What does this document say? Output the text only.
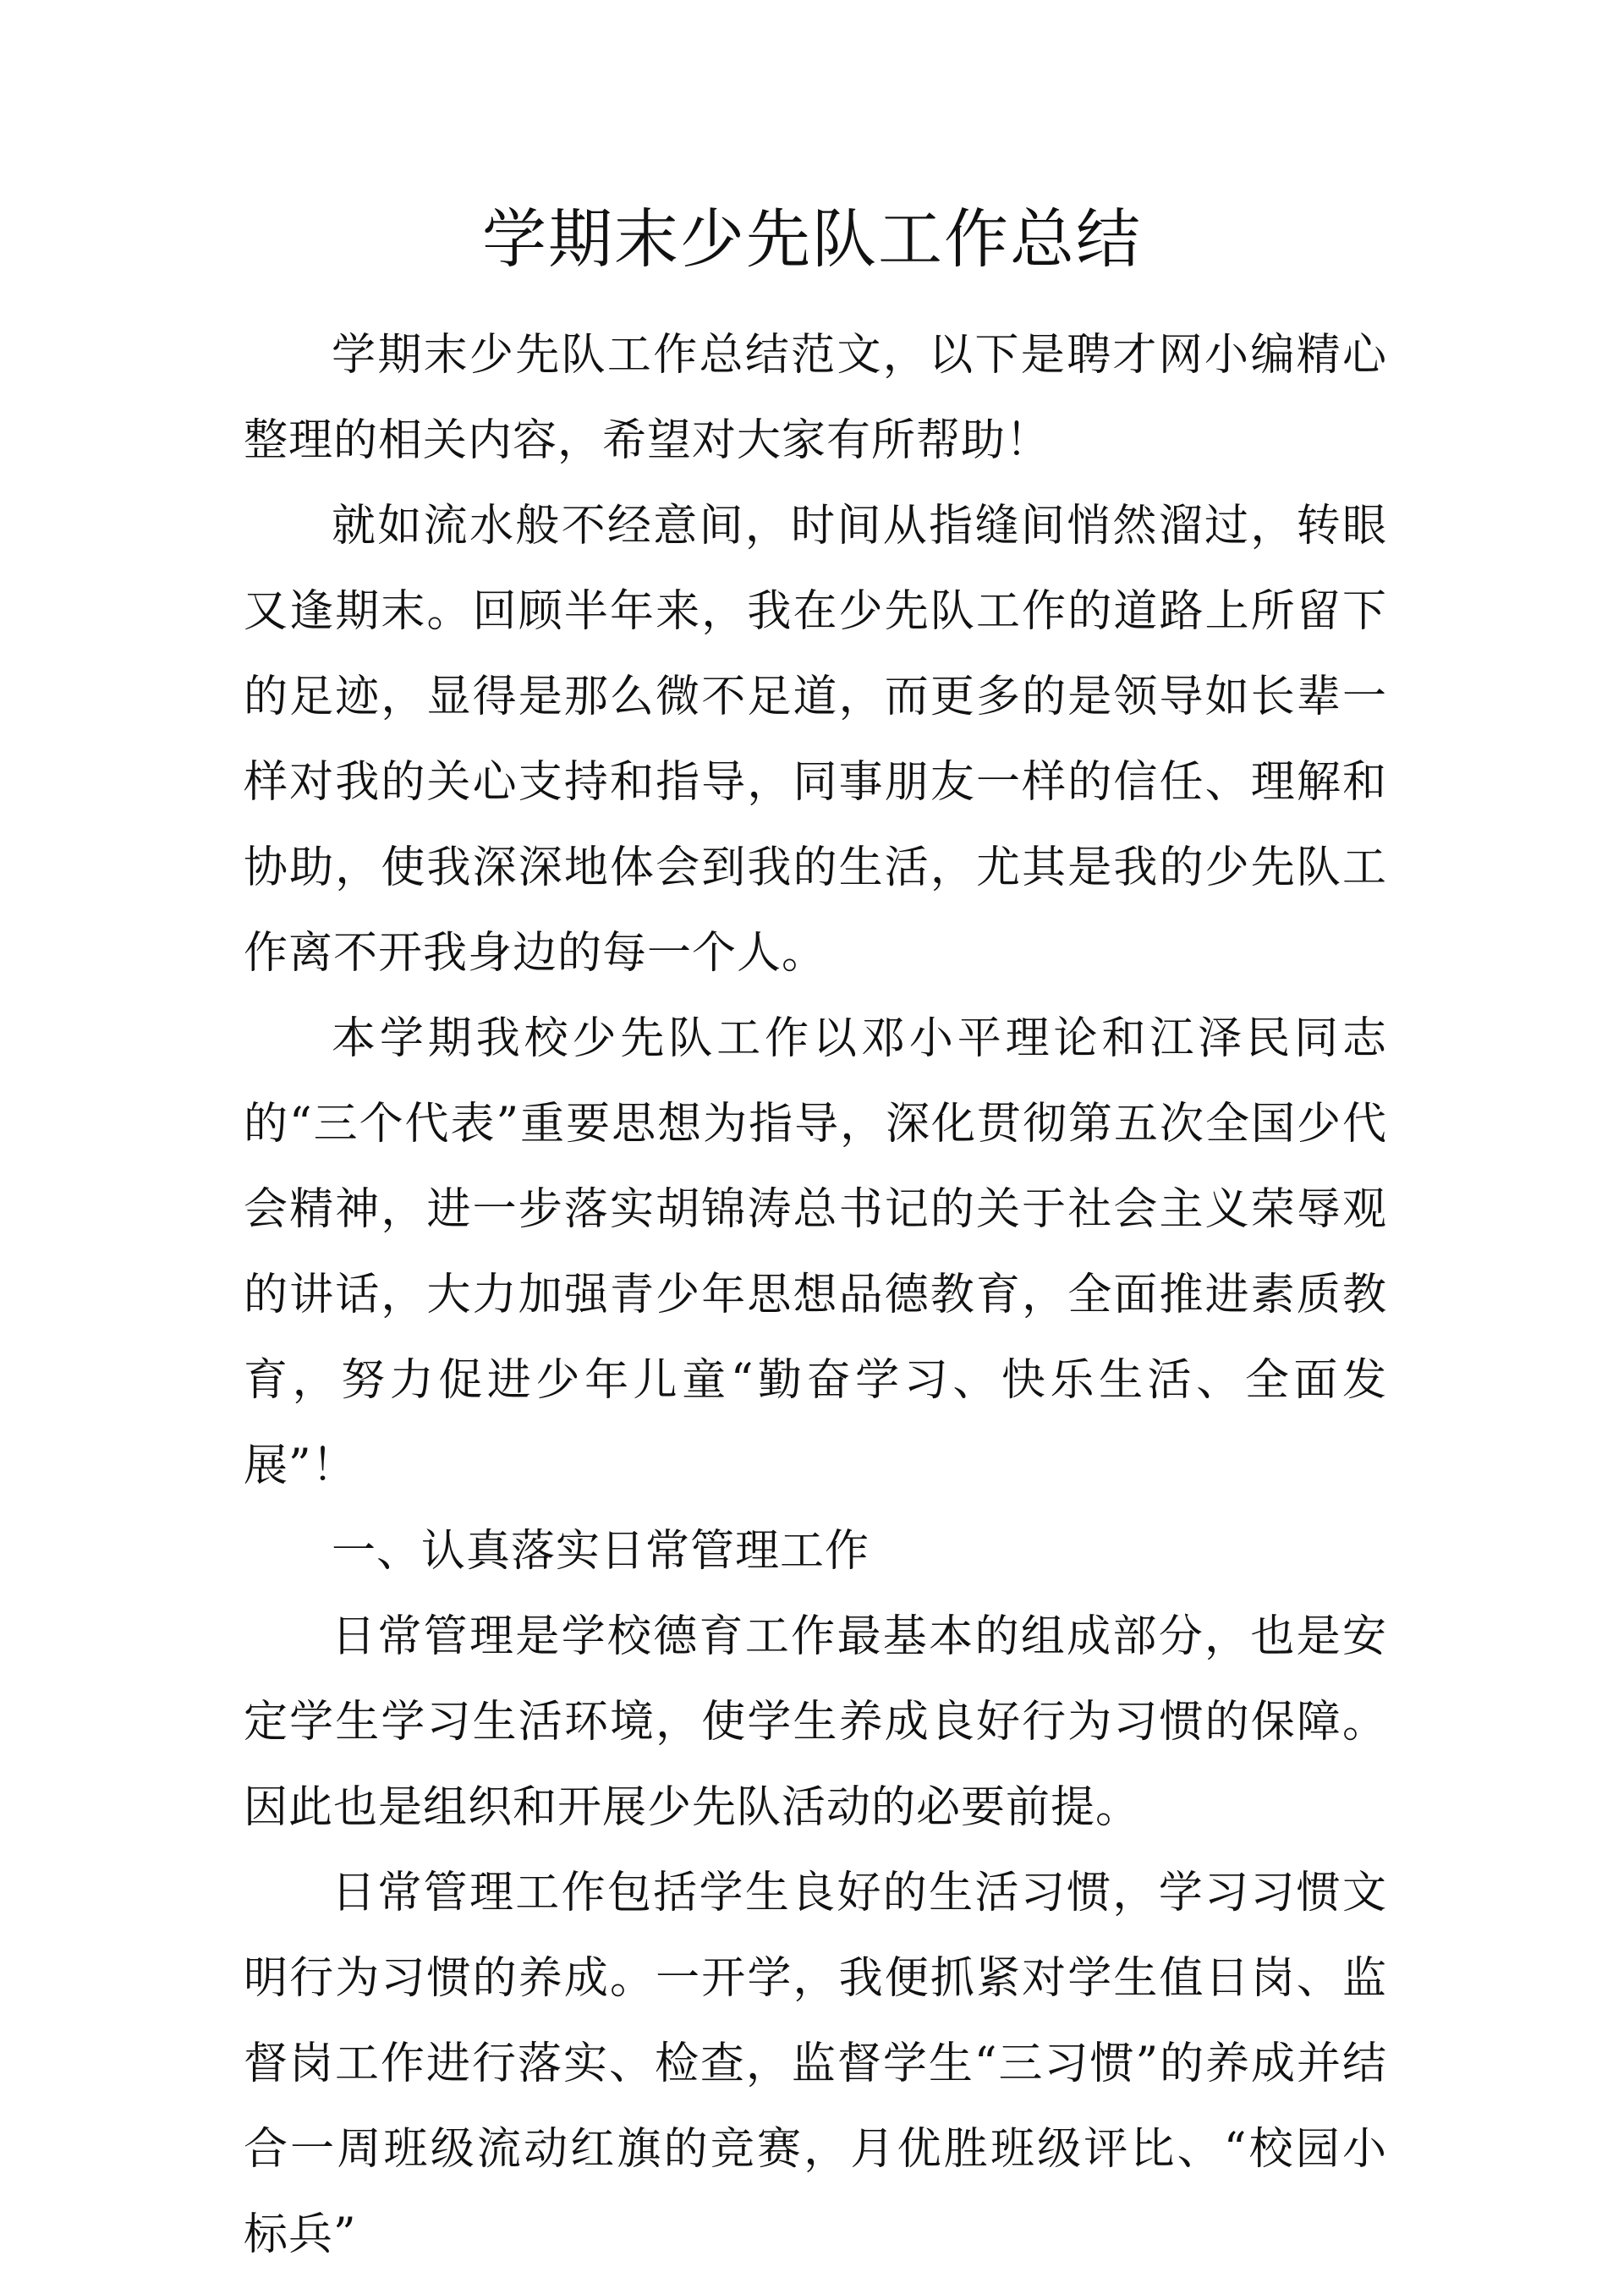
学期末少先队工作总结

学期末少先队工作总结范文，以下是聘才网小编精心整理的相关内容，希望对大家有所帮助！

就如流水般不经意间，时间从指缝间悄然溜过，转眼又逢期末。回顾半年来，我在少先队工作的道路上所留下的足迹，显得是那么微不足道，而更多的是领导如长辈一样对我的关心支持和指导，同事朋友一样的信任、理解和协助，使我深深地体会到我的生活，尤其是我的少先队工作离不开我身边的每一个人。

本学期我校少先队工作以邓小平理论和江泽民同志的“三个代表”重要思想为指导，深化贯彻第五次全国少代会精神，进一步落实胡锦涛总书记的关于社会主义荣辱观的讲话，大力加强青少年思想品德教育，全面推进素质教育，努力促进少年儿童“勤奋学习、快乐生活、全面发展”！

一、认真落实日常管理工作

日常管理是学校德育工作最基本的组成部分，也是安定学生学习生活环境，使学生养成良好行为习惯的保障。因此也是组织和开展少先队活动的必要前提。

日常管理工作包括学生良好的生活习惯，学习习惯文明行为习惯的养成。一开学，我便抓紧对学生值日岗、监督岗工作进行落实、检查，监督学生“三习惯”的养成并结合一周班级流动红旗的竞赛，月优胜班级评比、“校园小标兵”
